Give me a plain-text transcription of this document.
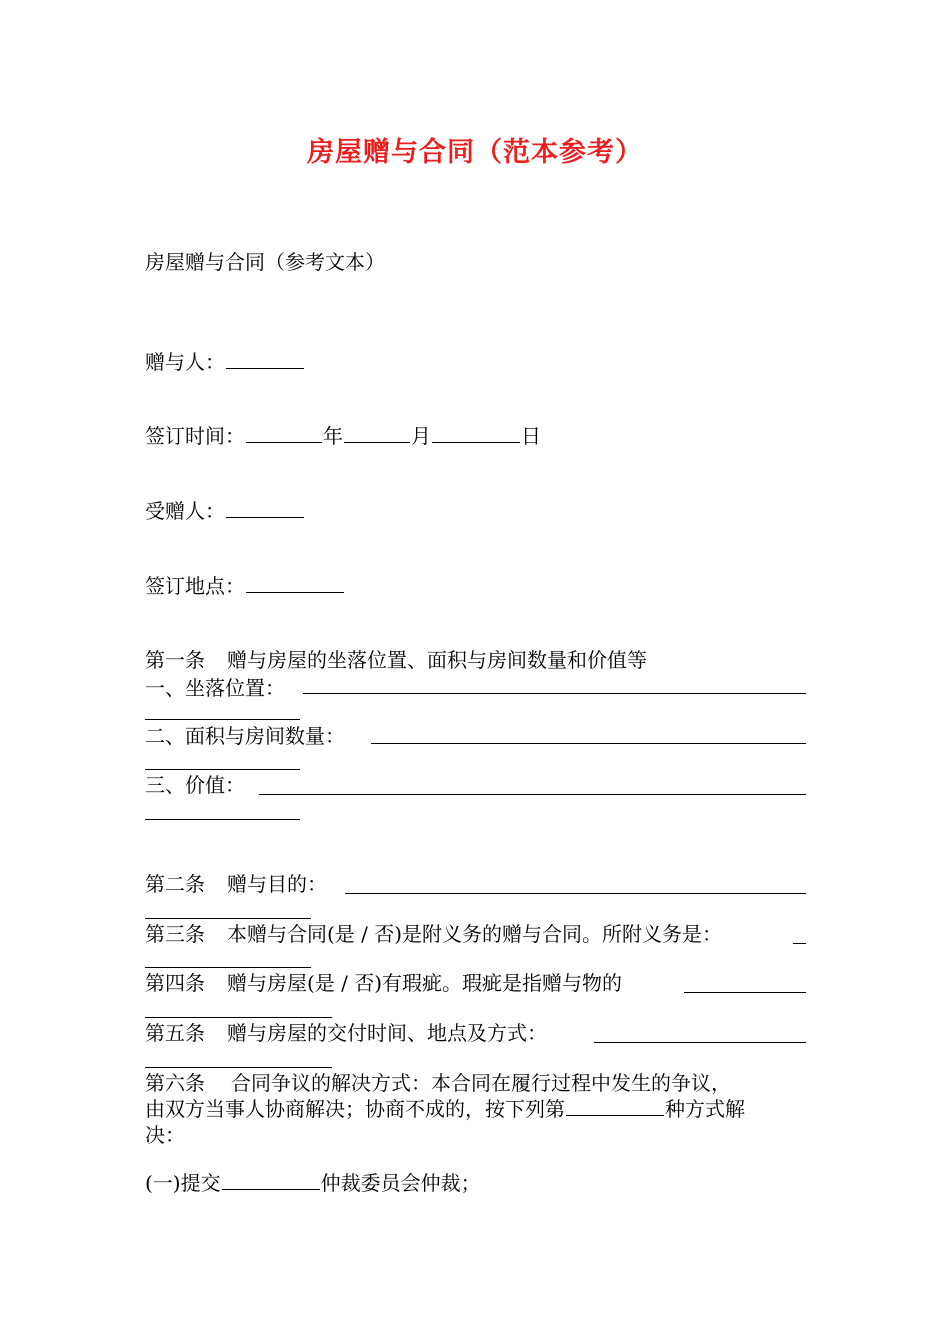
房屋赠与合同（范本参考）
房屋赠与合同（参考文本）
赠与人：
签订时间：	年	月	日
受赠人：
签订地点：
第一条 赠与房屋的坐落位置、面积与房间数量和价值等
一、坐落位置：
二、面积与房间数量：
三、价值：
第二条 赠与目的：
第三条 本赠与合同(是 / 否)是附义务的赠与合同。所附义务是：
第四条 赠与房屋(是 / 否)有瑕疵。瑕疵是指赠与物的
第五条 赠与房屋的交付时间、地点及方式：
第六条 合同争议的解决方式：本合同在履行过程中发生的争议，
由双方当事人协商解决；协商不成的，按下列第	种方式解
决：
(一)提交	仲裁委员会仲裁；
